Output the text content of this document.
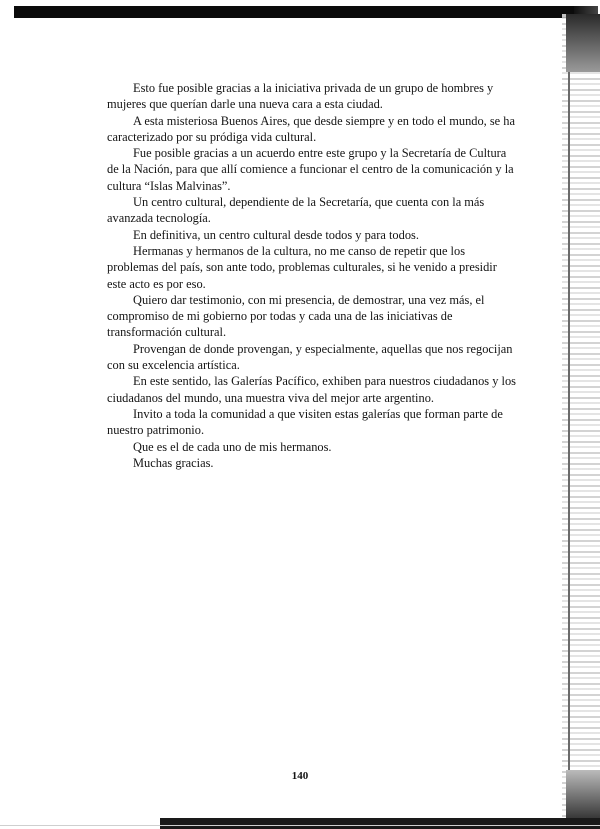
Esto fue posible gracias a la iniciativa privada de un grupo de hombres y mujeres que querían darle una nueva cara a esta ciudad.

A esta misteriosa Buenos Aires, que desde siempre y en todo el mundo, se ha caracterizado por su pródiga vida cultural.

Fue posible gracias a un acuerdo entre este grupo y la Secretaría de Cultura de la Nación, para que allí comience a funcionar el centro de la comunicación y la cultura “Islas Malvinas”.

Un centro cultural, dependiente de la Secretaría, que cuenta con la más avanzada tecnología.

En definitiva, un centro cultural desde todos y para todos.

Hermanas y hermanos de la cultura, no me canso de repetir que los problemas del país, son ante todo, problemas culturales, si he venido a presidir este acto es por eso.

Quiero dar testimonio, con mi presencia, de demostrar, una vez más, el compromiso de mi gobierno por todas y cada una de las iniciativas de transformación cultural.

Provengan de donde provengan, y especialmente, aquellas que nos regocijan con su excelencia artística.

En este sentido, las Galerías Pacífico, exhiben para nuestros ciudadanos y los ciudadanos del mundo, una muestra viva del mejor arte argentino.

Invito a toda la comunidad a que visiten estas galerías que forman parte de nuestro patrimonio.

Que es el de cada uno de mis hermanos.

Muchas gracias.

140
